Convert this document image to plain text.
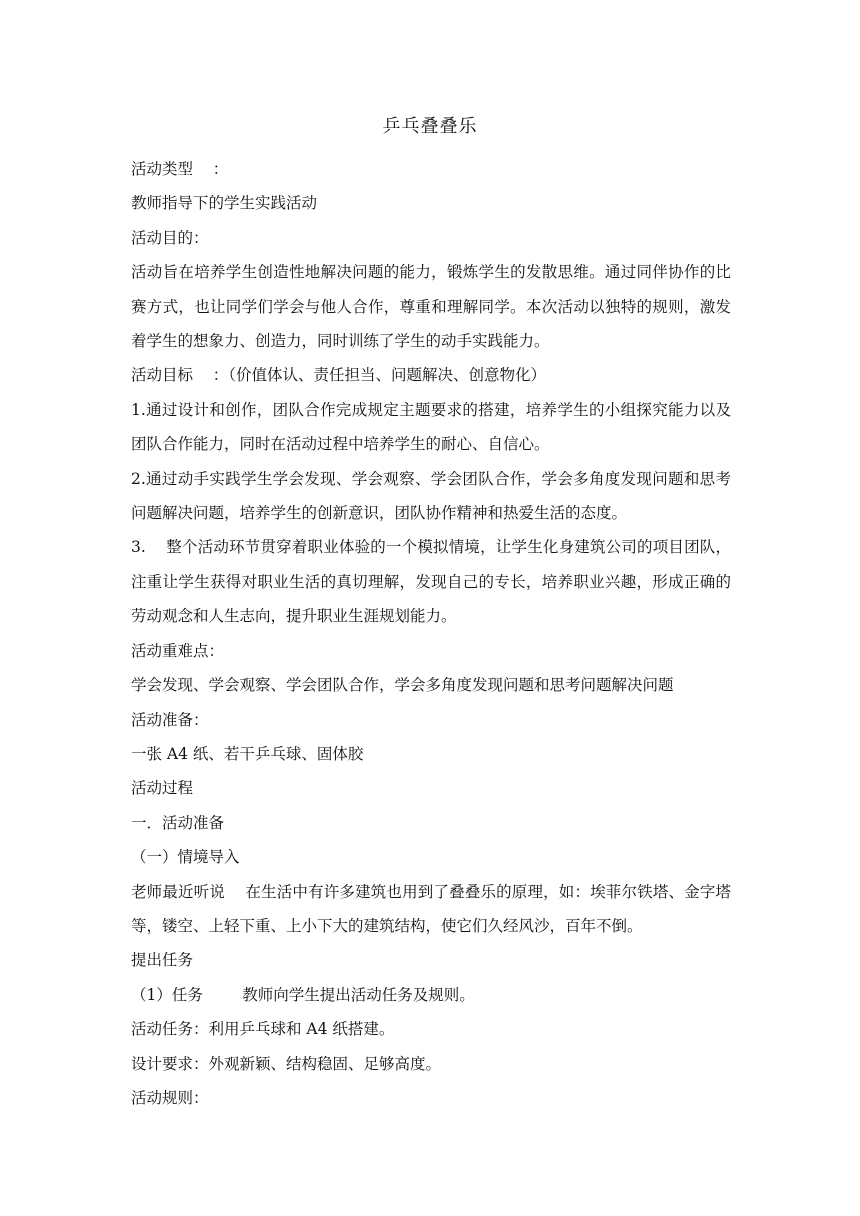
乒乓叠叠乐

活动类型    ：

教师指导下的学生实践活动

活动目的：

活动旨在培养学生创造性地解决问题的能力，锻炼学生的发散思维。通过同伴协作的比赛方式，也让同学们学会与他人合作，尊重和理解同学。本次活动以独特的规则，激发着学生的想象力、创造力，同时训练了学生的动手实践能力。

活动目标    ：（价值体认、责任担当、问题解决、创意物化）

1.通过设计和创作，团队合作完成规定主题要求的搭建，培养学生的小组探究能力以及团队合作能力，同时在活动过程中培养学生的耐心、自信心。

2.通过动手实践学生学会发现、学会观察、学会团队合作，学会多角度发现问题和思考问题解决问题，培养学生的创新意识，团队协作精神和热爱生活的态度。

3.    整个活动环节贯穿着职业体验的一个模拟情境，让学生化身建筑公司的项目团队，注重让学生获得对职业生活的真切理解，发现自己的专长，培养职业兴趣，形成正确的劳动观念和人生志向，提升职业生涯规划能力。

活动重难点：

学会发现、学会观察、学会团队合作，学会多角度发现问题和思考问题解决问题

活动准备：

一张 A4 纸、若干乒乓球、固体胶

活动过程

一．活动准备

（一）情境导入

老师最近听说    在生活中有许多建筑也用到了叠叠乐的原理，如：埃菲尔铁塔、金字塔等，镂空、上轻下重、上小下大的建筑结构，使它们久经风沙，百年不倒。

提出任务

（1）任务        教师向学生提出活动任务及规则。

活动任务：利用乒乓球和 A4 纸搭建。

设计要求：外观新颖、结构稳固、足够高度。

活动规则：
